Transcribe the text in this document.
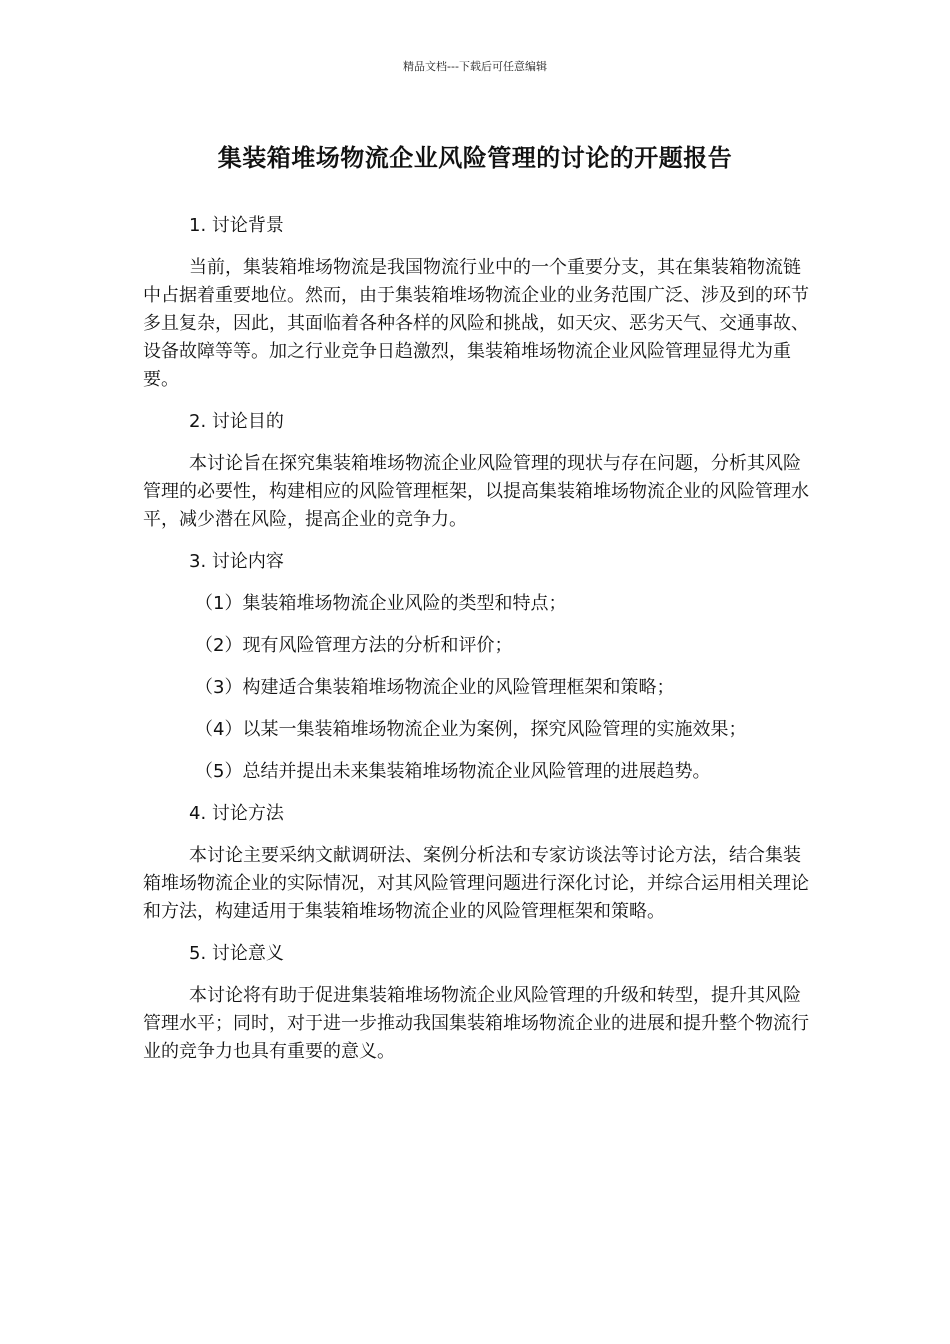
精品文档---下载后可任意编辑
集装箱堆场物流企业风险管理的讨论的开题报告
1. 讨论背景

当前，集装箱堆场物流是我国物流行业中的一个重要分支，其在集装箱物流链中占据着重要地位。然而，由于集装箱堆场物流企业的业务范围广泛、涉及到的环节多且复杂，因此，其面临着各种各样的风险和挑战，如天灾、恶劣天气、交通事故、设备故障等等。加之行业竞争日趋激烈，集装箱堆场物流企业风险管理显得尤为重要。

2. 讨论目的

本讨论旨在探究集装箱堆场物流企业风险管理的现状与存在问题，分析其风险管理的必要性，构建相应的风险管理框架，以提高集装箱堆场物流企业的风险管理水平，减少潜在风险，提高企业的竞争力。

3. 讨论内容
（1）集装箱堆场物流企业风险的类型和特点；
（2）现有风险管理方法的分析和评价；
（3）构建适合集装箱堆场物流企业的风险管理框架和策略；
（4）以某一集装箱堆场物流企业为案例，探究风险管理的实施效果；
（5）总结并提出未来集装箱堆场物流企业风险管理的进展趋势。
4. 讨论方法

本讨论主要采纳文献调研法、案例分析法和专家访谈法等讨论方法，结合集装箱堆场物流企业的实际情况，对其风险管理问题进行深化讨论，并综合运用相关理论和方法，构建适用于集装箱堆场物流企业的风险管理框架和策略。

5. 讨论意义

本讨论将有助于促进集装箱堆场物流企业风险管理的升级和转型，提升其风险管理水平；同时，对于进一步推动我国集装箱堆场物流企业的进展和提升整个物流行业的竞争力也具有重要的意义。
